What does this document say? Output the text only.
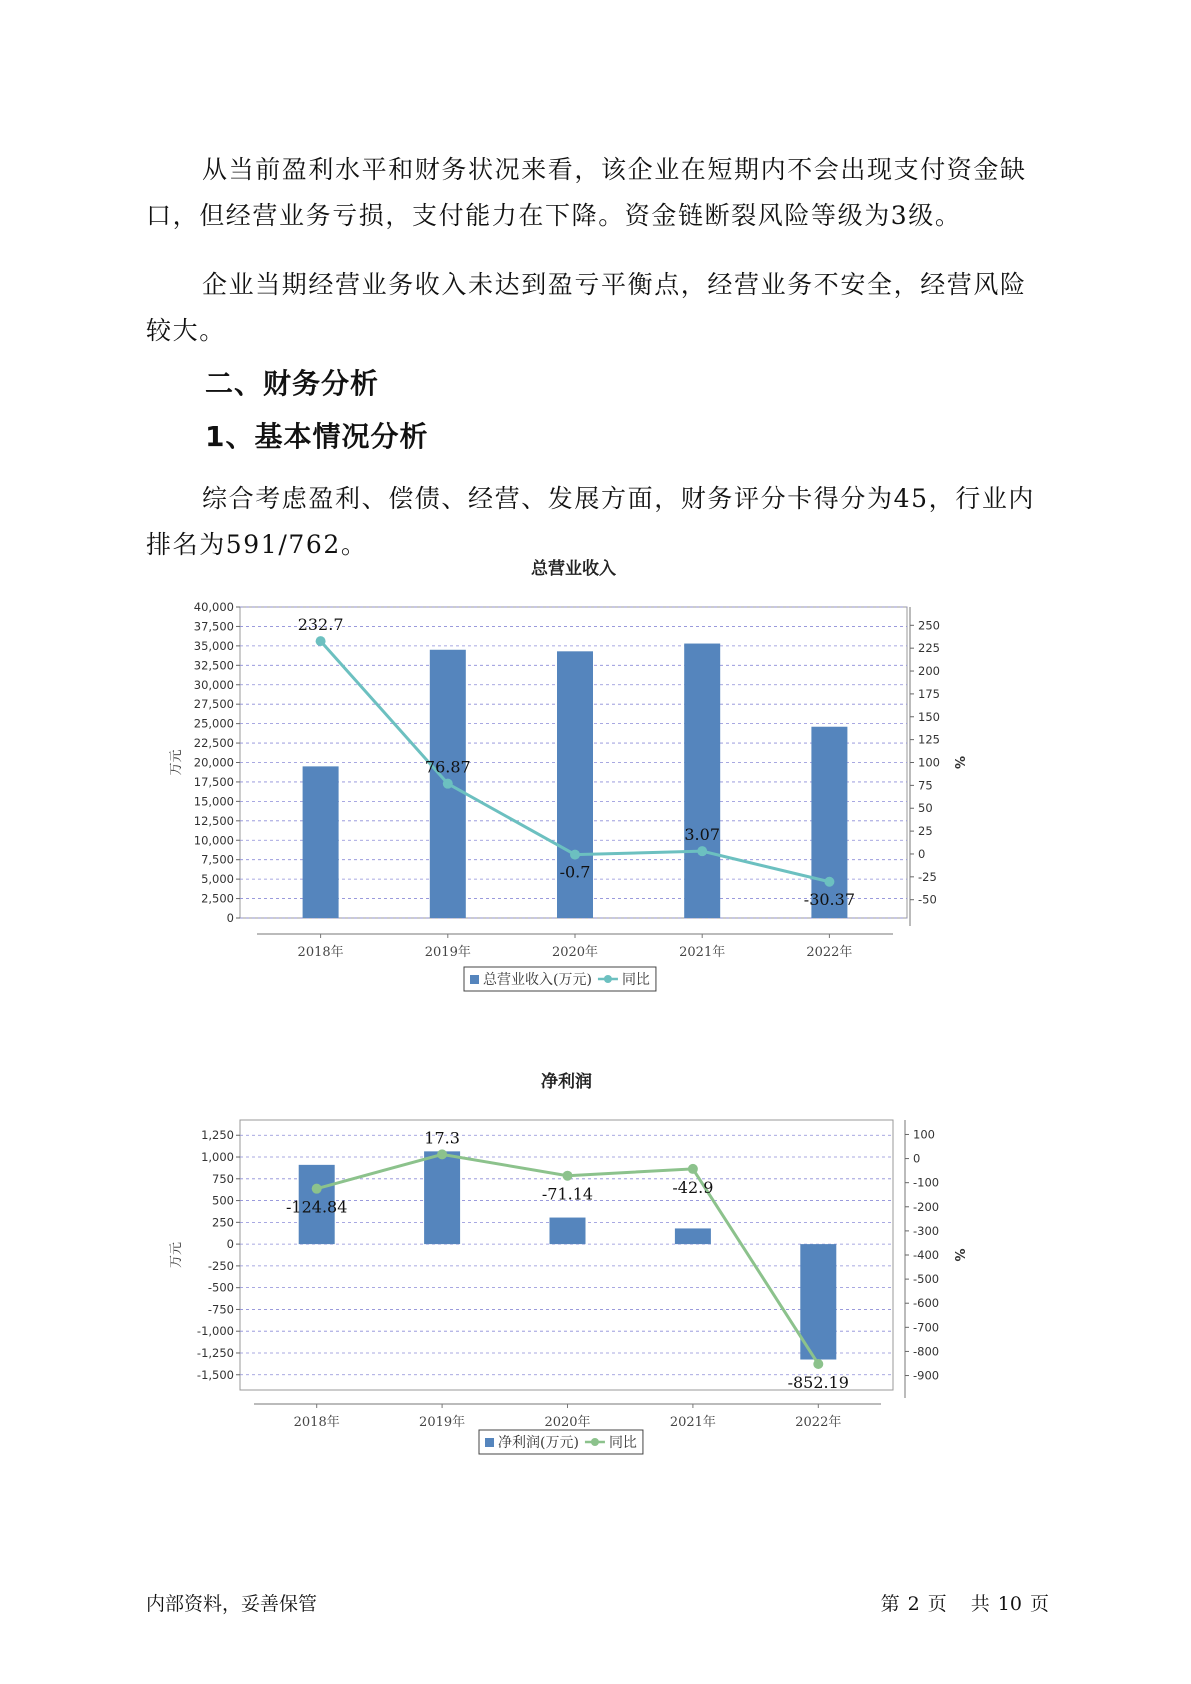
从当前盈利水平和财务状况来看，该企业在短期内不会出现支付资金缺口，但经营业务亏损，支付能力在下降。资金链断裂风险等级为3级。

企业当期经营业务收入未达到盈亏平衡点，经营业务不安全，经营风险较大。

二、财务分析
1、基本情况分析

综合考虑盈利、偿债、经营、发展方面，财务评分卡得分为45，行业内排名为591/762。

总营业收入
0
2,500
5,000
7,500
10,000
12,500
15,000
17,500
20,000
22,500
25,000
27,500
30,000
32,500
35,000
37,500
40,000
-50
-25
0
25
50
75
100
125
150
175
200
225
250
万元	%
2018年	2019年	2020年	2021年	2022年
232.7
76.87
-0.7
3.07
-30.37
总营业收入(万元) 同比
净利润
-1,500
-1,250
-1,000
-750
-500
-250
0
250
500
750
1,000
1,250
-900
-800
-700
-600
-500
-400
-300
-200
-100
0
100
万元	%
2018年	2019年	2020年	2021年	2022年
-124.84
17.3
-71.14	-42.9
-852.19
净利润(万元) 同比
内部资料，妥善保管	第 2 页 共 10 页
